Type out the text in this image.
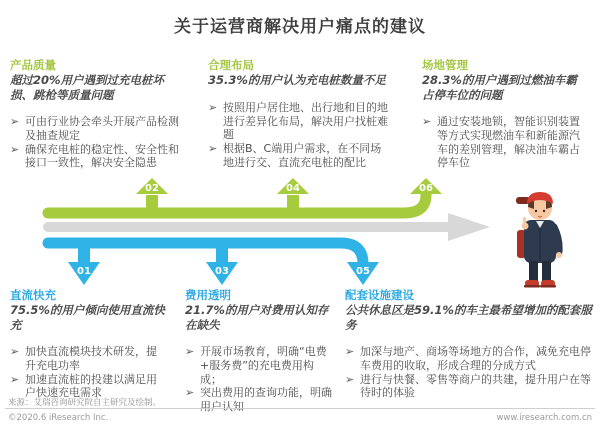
关于运营商解决用户痛点的建议
产品质量
超过20%用户遇到过充电桩坏损、跳枪等质量问题
➢ 可由行业协会牵头开展产品检测及抽查规定
➢ 确保充电桩的稳定性、安全性和接口一致性，解决安全隐患
合理布局
35.3%的用户认为充电桩数量不足
➢ 按照用户居住地、出行地和目的地进行差异化布局，解决用户找桩难题
➢ 根据B、C端用户需求，在不同场地进行交、直流充电桩的配比
场地管理
28.3%的用户遇到过燃油车霸占停车位的问题
➢ 通过安装地锁，智能识别装置等方式实现燃油车和新能源汽车的差别管理，解决油车霸占停车位
02	04	06
01	03	05
直流快充
75.5%的用户倾向使用直流快充
➢ 加快直流模块技术研发，提升充电功率
➢ 加速直流桩的投建以满足用户快速充电需求
费用透明
21.7%的用户对费用认知存在缺失
➢ 开展市场教育，明确“电费+服务费”的充电费用构成；
➢ 突出费用的查询功能，明确用户认知
配套设施建设
公共休息区是59.1%的车主最希望增加的配套服务
➢ 加深与地产、商场等场地方的合作，减免充电停车费用的收取，形成合理的分成方式
➢ 进行与快餐、零售等商户的共建，提升用户在等待时的体验
来源：艾瑞咨询研究院自主研究及绘制。
©2020.6 iResearch Inc.	www.iresearch.com.cn
